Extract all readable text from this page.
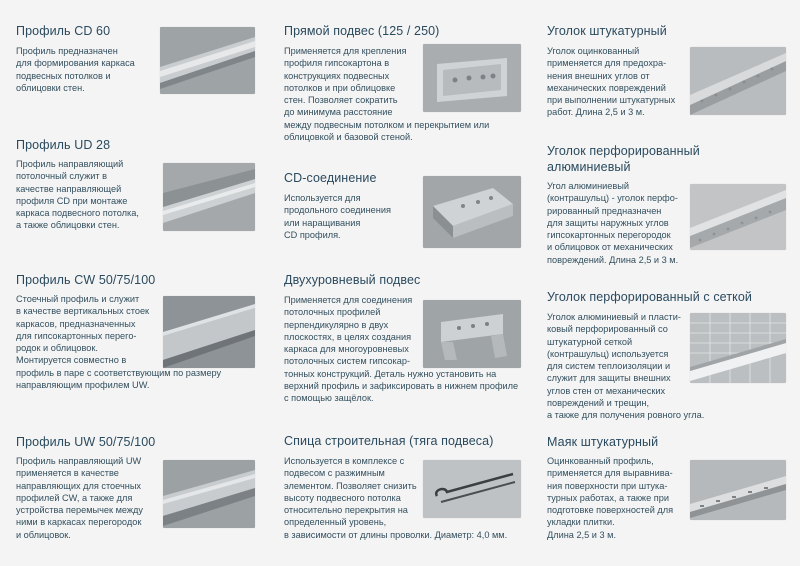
Профиль CD 60
Профиль предназначен
для формирования каркаса
подвесных потолков и
облицовки стен.
Профиль UD 28
Профиль направляющий
потолочный служит в
качестве направляющей
профиля CD при монтаже
каркаса подвесного потолка,
а также облицовки стен.
Профиль CW 50/75/100
Стоечный профиль и служит
в качестве вертикальных стоек
каркасов, предназначенных
для гипсокартонных перего-
родок и облицовок.
Монтируется совместно в
профиль в паре с соответствующим по размеру
направляющим профилем UW.
Профиль UW 50/75/100
Профиль направляющий UW
применяется в качестве
направляющих для стоечных
профилей CW, а также для
устройства перемычек между
ними в каркасах перегородок
и облицовок.
Прямой подвес (125 / 250)
Применяется для крепления
профиля гипсокартона в
конструкциях подвесных
потолков и при облицовке
стен. Позволяет сократить
до минимума расстояние
между подвесным потолком и перекрытием или
облицовкой и базовой стеной.
CD-соединение
Используется для
продольного соединения
или наращивания
CD профиля.
Двухуровневый подвес
Применяется для соединения
потолочных профилей
перпендикулярно в двух
плоскостях, в целях создания
каркаса для многоуровневых
потолочных систем гипсокар-
тонных конструкций. Деталь нужно установить на
верхний профиль и зафиксировать в нижнем профиле
с помощью защёлок.
Спица строительная (тяга подвеса)
Используется в комплексе с
подвесом с разжимным
элементом. Позволяет снизить
высоту подвесного потолка
относительно перекрытия на
определенный уровень,
в зависимости от длины проволки. Диаметр: 4,0 мм.
Уголок штукатурный
Уголок оцинкованный
применяется для предохра-
нения внешних углов от
механических повреждений
при выполнении штукатурных
работ. Длина 2,5 и 3 м.
Уголок перфорированный
алюминиевый
Угол алюминиевый
(контрашульц) - уголок перфо-
рированный предназначен
для защиты наружных углов
гипсокартонных перегородок
и облицовок от механических
повреждений. Длина 2,5 и 3 м.
Уголок перфорированный с сеткой
Уголок алюминиевый и пласти-
ковый перфорированный со
штукатурной сеткой
(контрашульц) используется
для систем теплоизоляции и
служит для защиты внешних
углов стен от механических
повреждений и трещин,
а также для получения ровного угла.
Маяк штукатурный
Оцинкованный профиль,
применяется для выравнива-
ния поверхности при штука-
турных работах, а также при
подготовке поверхностей для
укладки плитки.
Длина 2,5 и 3 м.
